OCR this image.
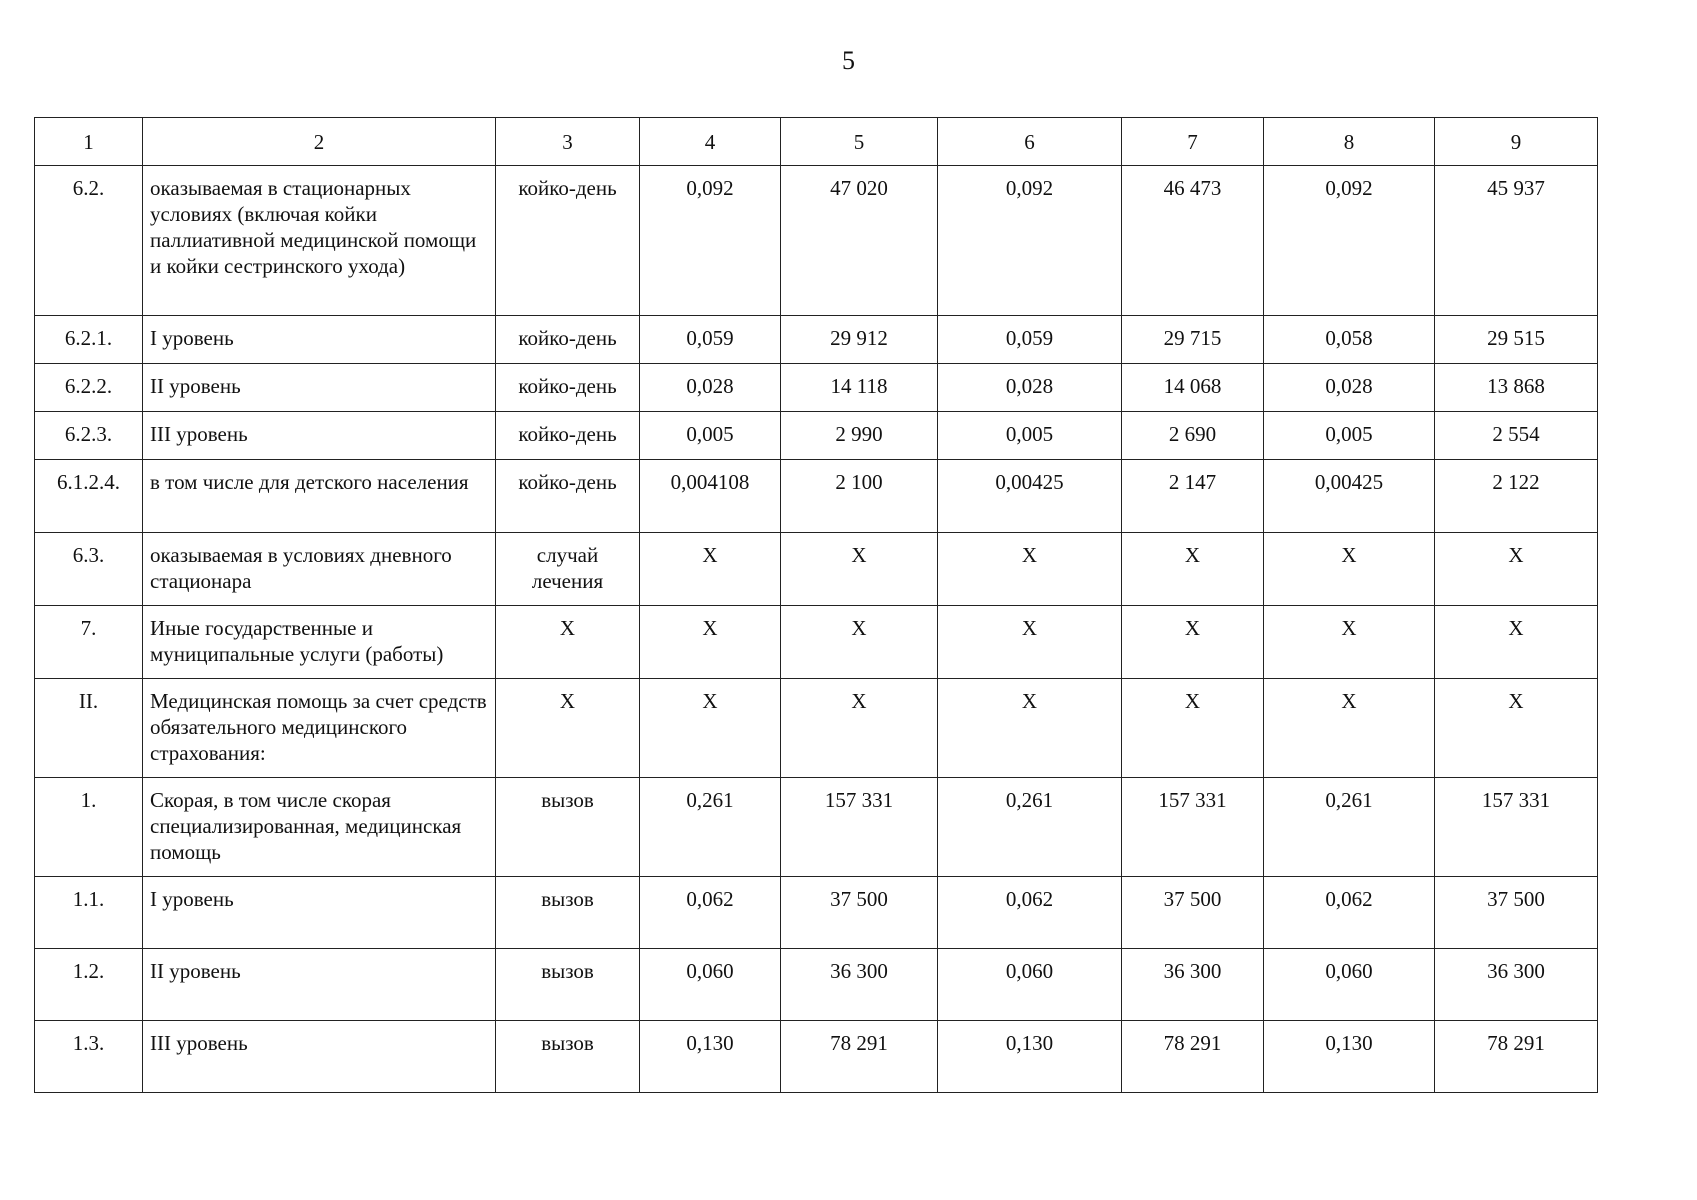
5
1	2	3	4	5	6	7	8	9
6.2.	оказываемая в стационарных условиях (включая койки паллиативной медицинской помощи и койки сестринского ухода)	койко-день	0,092	47 020	0,092	46 473	0,092	45 937
6.2.1.	I уровень	койко-день	0,059	29 912	0,059	29 715	0,058	29 515
6.2.2.	II уровень	койко-день	0,028	14 118	0,028	14 068	0,028	13 868
6.2.3.	III уровень	койко-день	0,005	2 990	0,005	2 690	0,005	2 554
6.1.2.4.	в том числе для детского населения	койко-день	0,004108	2 100	0,00425	2 147	0,00425	2 122
6.3.	оказываемая в условиях дневного стационара	случай лечения	Х	Х	Х	Х	Х	Х
7.	Иные государственные и муниципальные услуги (работы)	Х	Х	Х	Х	Х	Х	Х
II.	Медицинская помощь за счет средств обязательного медицинского страхования:	Х	Х	Х	Х	Х	Х	Х
1.	Скорая, в том числе скорая специализированная, медицинская помощь	вызов	0,261	157 331	0,261	157 331	0,261	157 331
1.1.	I уровень	вызов	0,062	37 500	0,062	37 500	0,062	37 500
1.2.	II уровень	вызов	0,060	36 300	0,060	36 300	0,060	36 300
1.3.	III уровень	вызов	0,130	78 291	0,130	78 291	0,130	78 291
